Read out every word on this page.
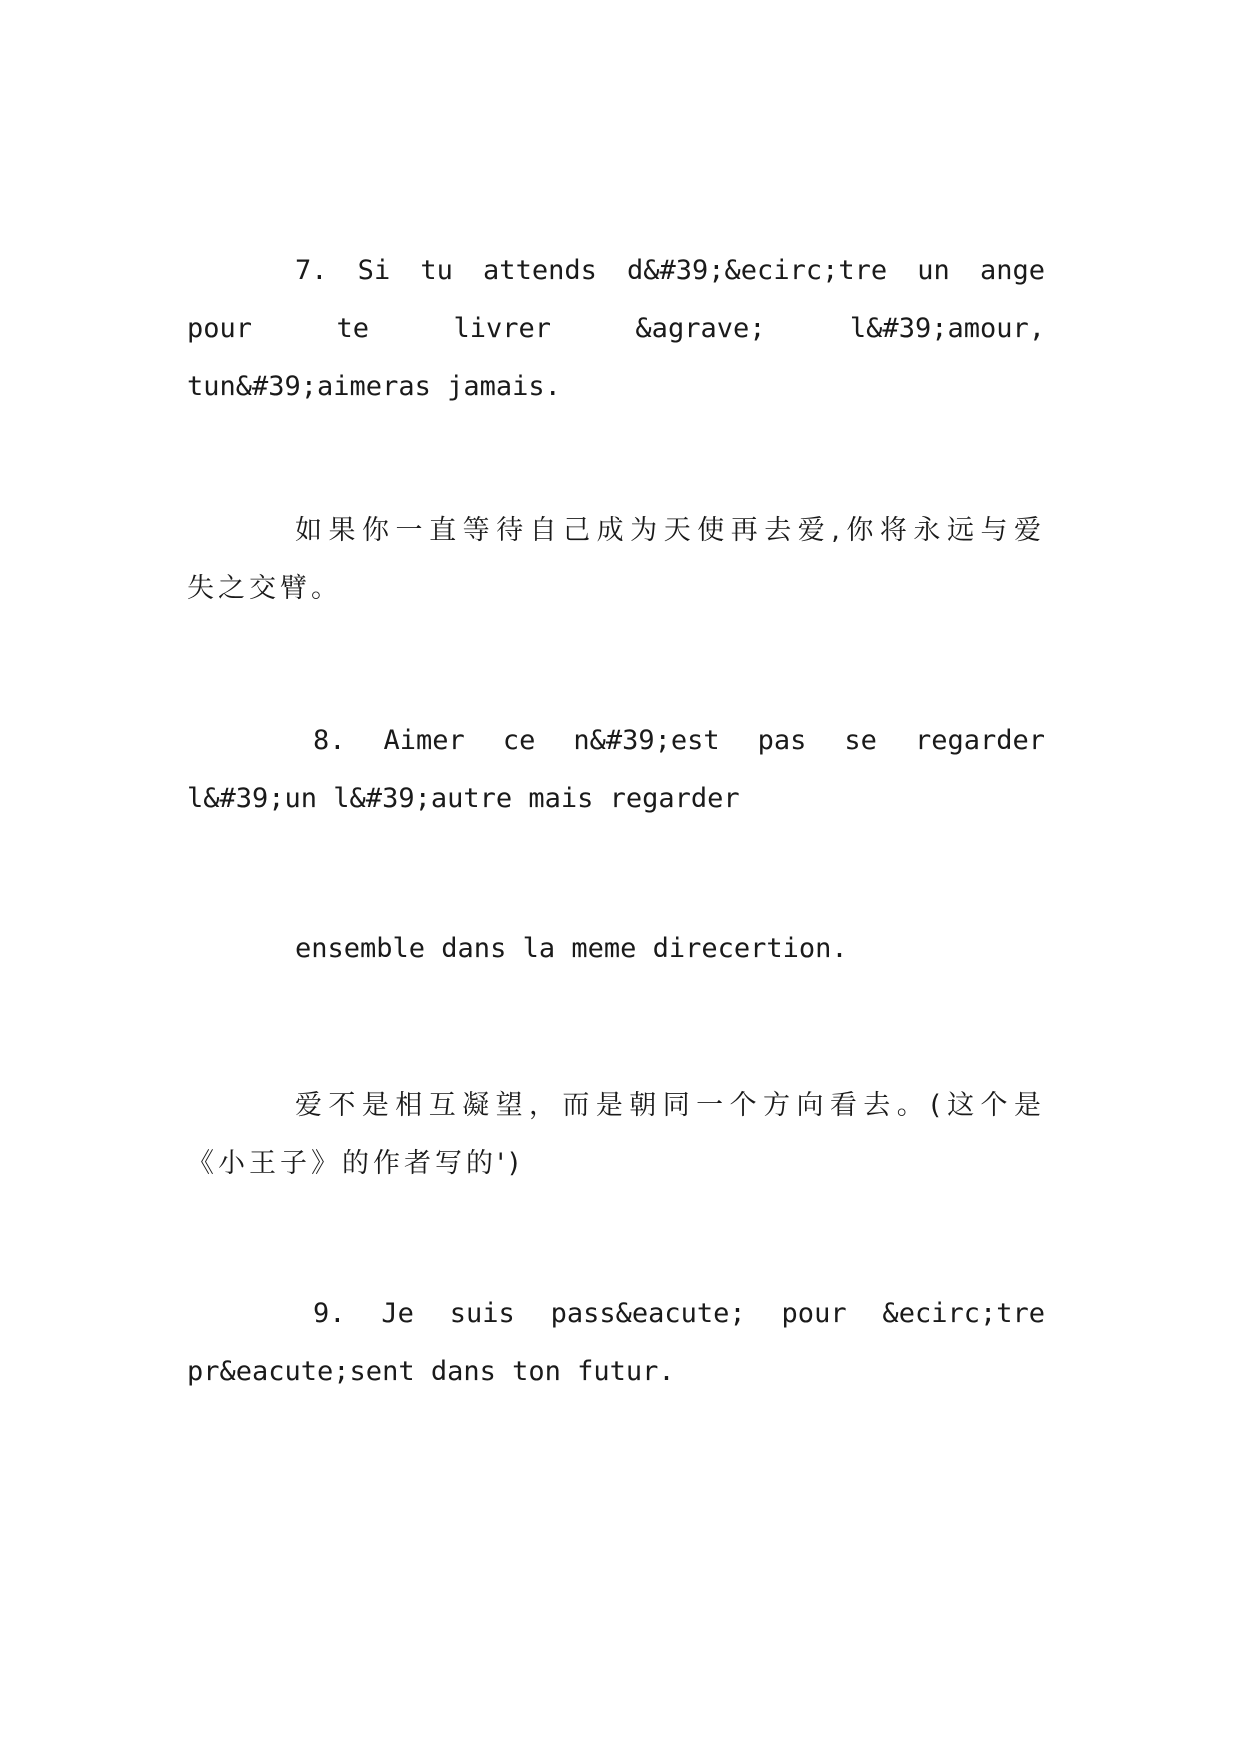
7. Si tu attends d&#39;&ecirc;tre un ange
pour te livrer &agrave; l&#39;amour,
tun&#39;aimeras jamais.
如果你一直等待自己成为天使再去爱,你将永远与爱
失之交臂。
8. Aimer ce n&#39;est pas se regarder
l&#39;un l&#39;autre mais regarder
ensemble dans la meme direcertion.
爱不是相互凝望，而是朝同一个方向看去。(这个是
《小王子》的作者写的')
9. Je suis pass&eacute; pour &ecirc;tre
pr&eacute;sent dans ton futur.
